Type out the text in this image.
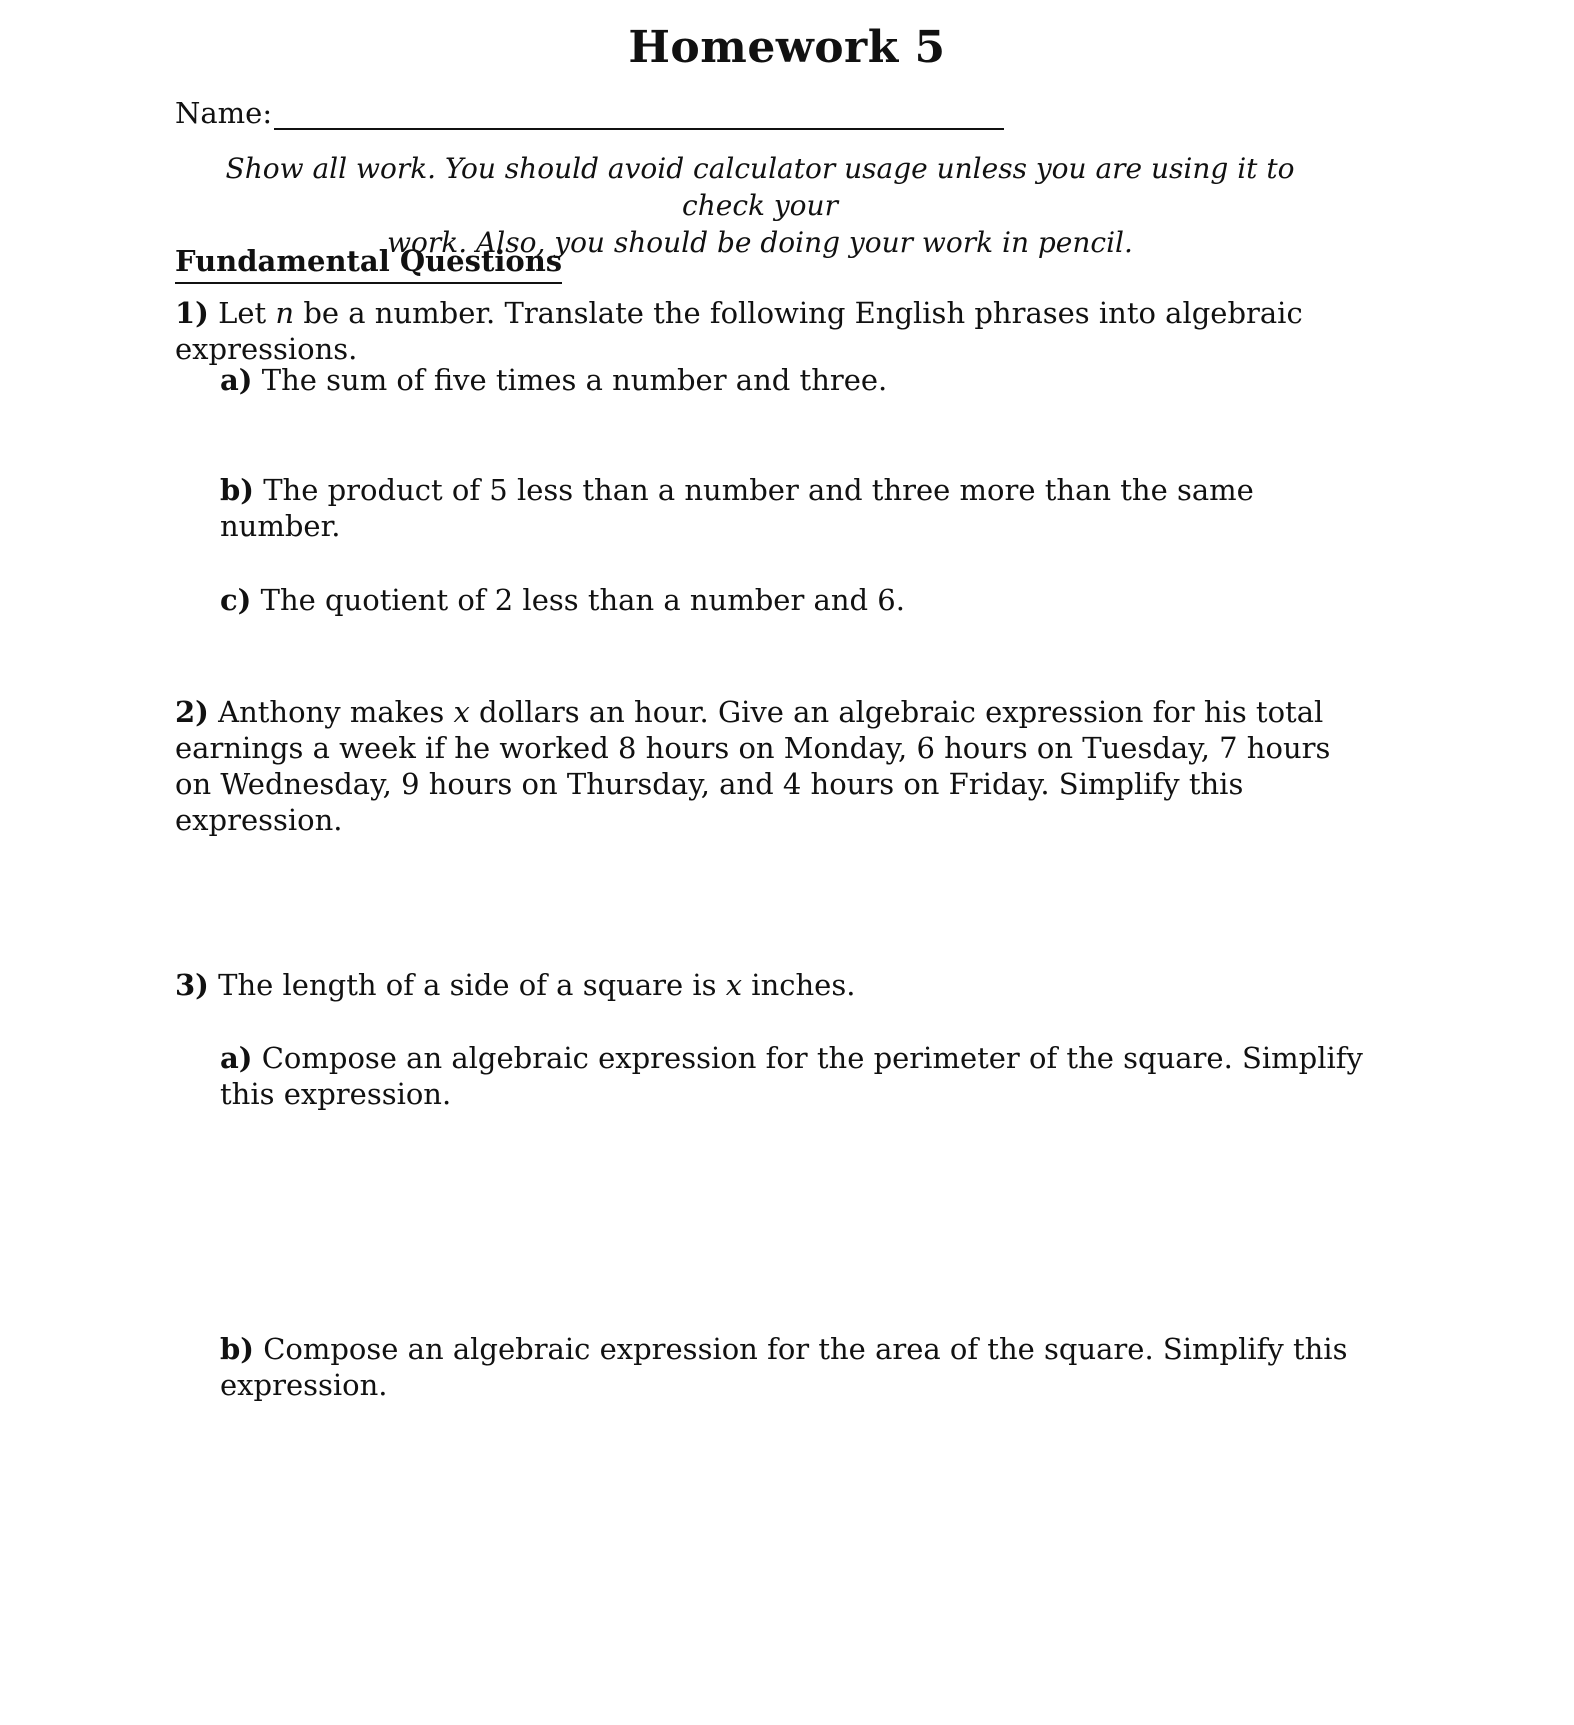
Homework 5
Name:

Show all work. You should avoid calculator usage unless you are using it to check your
work. Also, you should be doing your work in pencil.

Fundamental Questions

1) Let n be a number. Translate the following English phrases into algebraic expressions.

a) The sum of five times a number and three.

b) The product of 5 less than a number and three more than the same number.

c) The quotient of 2 less than a number and 6.

2) Anthony makes x dollars an hour. Give an algebraic expression for his total earnings a week if he worked 8 hours on Monday, 6 hours on Tuesday, 7 hours on Wednesday, 9 hours on Thursday, and 4 hours on Friday. Simplify this expression.

3) The length of a side of a square is x inches.

a) Compose an algebraic expression for the perimeter of the square. Simplify this expression.

b) Compose an algebraic expression for the area of the square. Simplify this expression.
